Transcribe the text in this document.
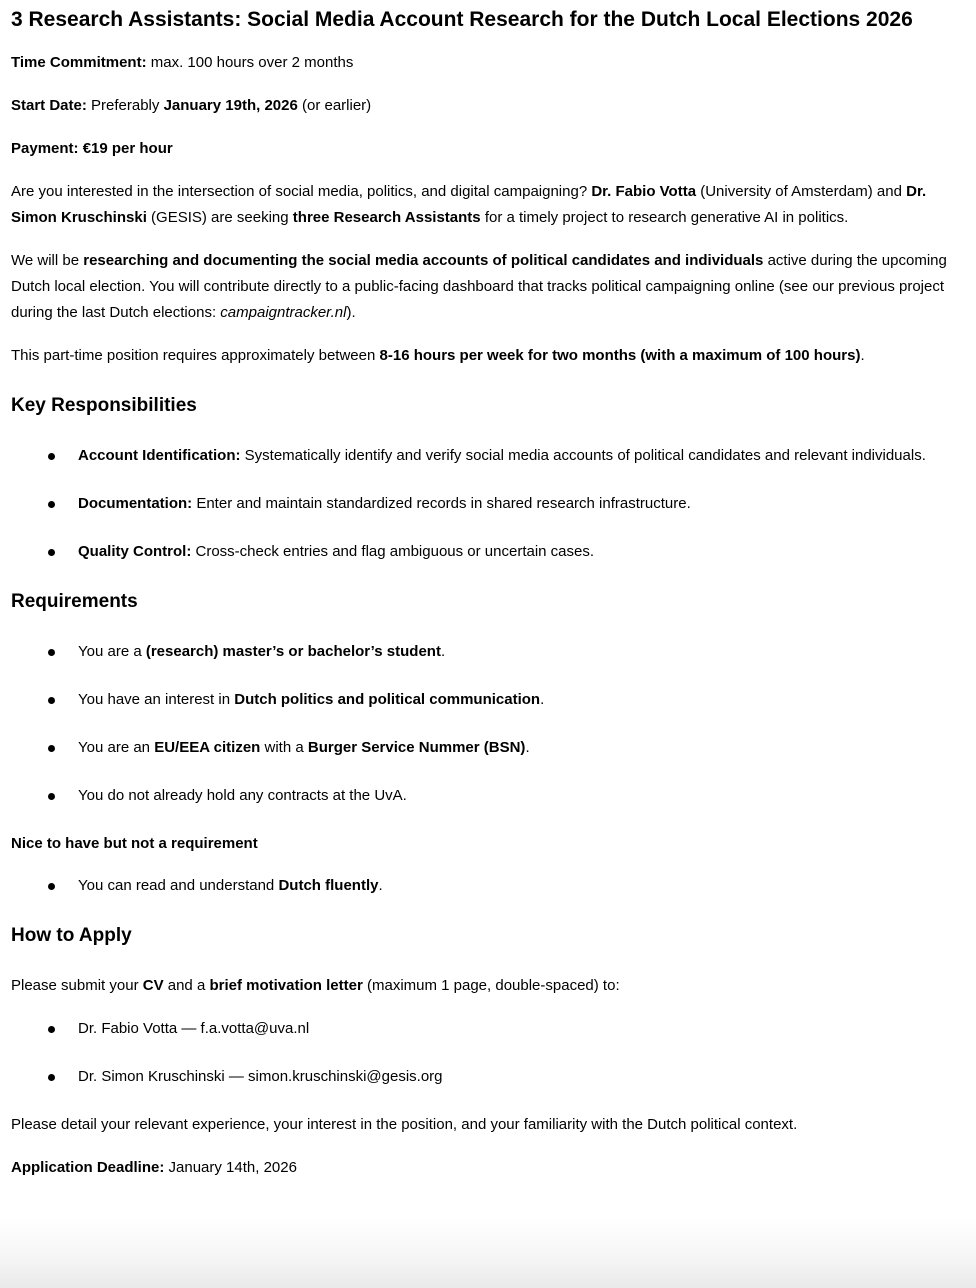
3 Research Assistants: Social Media Account Research for the Dutch Local Elections 2026

Time Commitment: max. 100 hours over 2 months

Start Date: Preferably January 19th, 2026 (or earlier)

Payment: €19 per hour

Are you interested in the intersection of social media, politics, and digital campaigning? Dr. Fabio Votta (University of Amsterdam) and Dr. Simon Kruschinski (GESIS) are seeking three Research Assistants for a timely project to research generative AI in politics.

We will be researching and documenting the social media accounts of political candidates and individuals active during the upcoming Dutch local election. You will contribute directly to a public-facing dashboard that tracks political campaigning online (see our previous project during the last Dutch elections: campaigntracker.nl).

This part-time position requires approximately between 8-16 hours per week for two months (with a maximum of 100 hours).

Key Responsibilities
Account Identification: Systematically identify and verify social media accounts of political candidates and relevant individuals.
Documentation: Enter and maintain standardized records in shared research infrastructure.
Quality Control: Cross-check entries and flag ambiguous or uncertain cases.
Requirements
You are a (research) master’s or bachelor’s student.
You have an interest in Dutch politics and political communication.
You are an EU/EEA citizen with a Burger Service Nummer (BSN).
You do not already hold any contracts at the UvA.
Nice to have but not a requirement
You can read and understand Dutch fluently.
How to Apply

Please submit your CV and a brief motivation letter (maximum 1 page, double-spaced) to:

Dr. Fabio Votta — f.a.votta@uva.nl
Dr. Simon Kruschinski — simon.kruschinski@gesis.org

Please detail your relevant experience, your interest in the position, and your familiarity with the Dutch political context.

Application Deadline: January 14th, 2026
